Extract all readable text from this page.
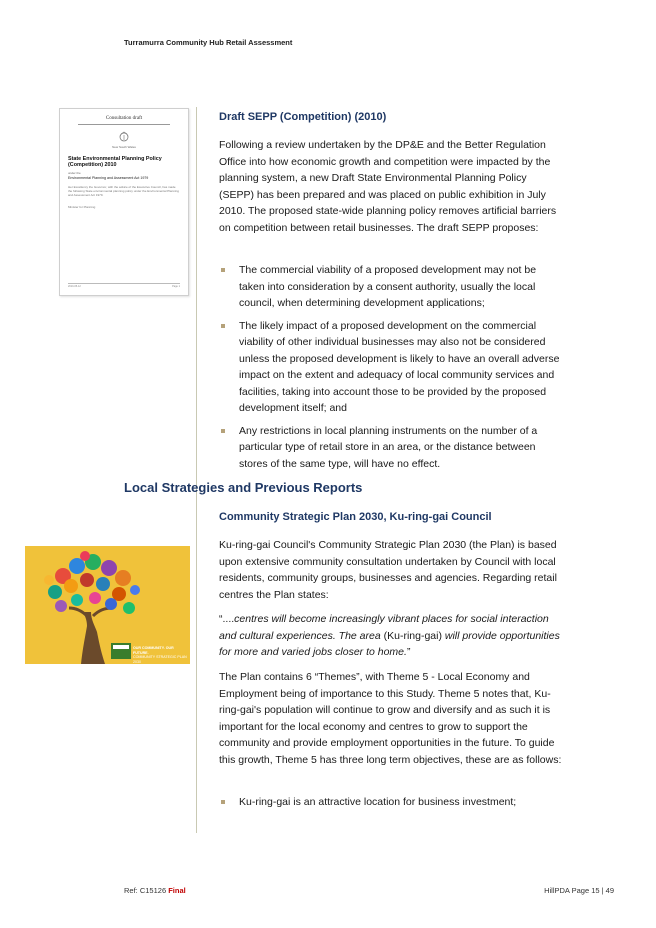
Turramurra Community Hub Retail Assessment
Consultation draft
New South Wales
State Environmental Planning Policy (Competition) 2010
under the
Environmental Planning and Assessment Act 1979
Her Excellency the Governor, with the advice of the Executive Council, has made the following State environmental planning policy under the Environmental Planning and Assessment Act 1979.
Minister for Planning
2010-05-12	Page 1
Draft SEPP (Competition) (2010)

Following a review undertaken by the DP&E and the Better Regulation Office into how economic growth and competition were impacted by the planning system, a new Draft State Environmental Planning Policy (SEPP) has been prepared and was placed on public exhibition in July 2010. The proposed state-wide planning policy removes artificial barriers on competition between retail businesses. The draft SEPP proposes:

The commercial viability of a proposed development may not be taken into consideration by a consent authority, usually the local council, when determining development applications;
The likely impact of a proposed development on the commercial viability of other individual businesses may also not be considered unless the proposed development is likely to have an overall adverse impact on the extent and adequacy of local community services and facilities, taking into account those to be provided by the proposed development itself; and
Any restrictions in local planning instruments on the number of a particular type of retail store in an area, or the distance between stores of the same type, will have no effect.
Local Strategies and Previous Reports
Community Strategic Plan 2030, Ku-ring-gai Council

Ku-ring-gai Council's Community Strategic Plan 2030 (the Plan) is based upon extensive community consultation undertaken by Council with local residents, community groups, businesses and agencies. Regarding retail centres the Plan states:

“....centres will become increasingly vibrant places for social interaction and cultural experiences. The area (Ku-ring-gai) will provide opportunities for more and varied jobs closer to home.”

The Plan contains 6 “Themes”, with Theme 5 - Local Economy and Employment being of importance to this Study. Theme 5 notes that, Ku-ring-gai's population will continue to grow and diversify and as such it is important for the local economy and centres to grow to support the community and provide employment opportunities in the future. To guide this growth, Theme 5 has three long term objectives, these are as follows:

Ku-ring-gai is an attractive location for business investment;
OUR COMMUNITY. OUR FUTURE.
COMMUNITY STRATEGIC PLAN 2030
Ref: C15126 Final	HillPDA Page 15 | 49
